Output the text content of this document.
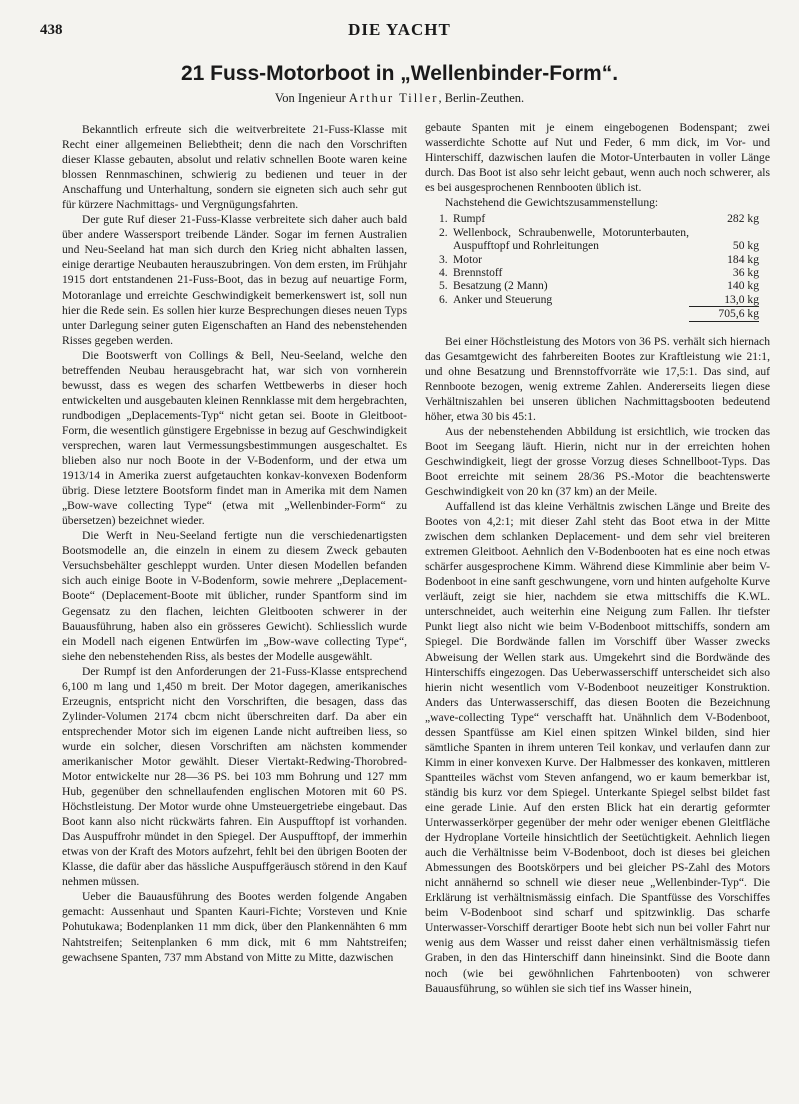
438	DIE YACHT
21 Fuss-Motorboot in „Wellenbinder-Form“.
Von Ingenieur Arthur Tiller, Berlin-Zeuthen.

Bekanntlich erfreute sich die weitverbreitete 21-Fuss-Klasse mit Recht einer allgemeinen Beliebtheit; denn die nach den Vorschriften dieser Klasse gebauten, absolut und relativ schnellen Boote waren keine blossen Rennmaschinen, schwierig zu bedienen und teuer in der Anschaffung und Unterhaltung, sondern sie eigneten sich auch sehr gut für kürzere Nachmittags- und Vergnügungsfahrten.

Der gute Ruf dieser 21-Fuss-Klasse verbreitete sich daher auch bald über andere Wassersport treibende Länder. Sogar im fernen Australien und Neu-Seeland hat man sich durch den Krieg nicht abhalten lassen, einige derartige Neubauten herauszubringen. Von dem ersten, im Frühjahr 1915 dort entstandenen 21-Fuss-Boot, das in bezug auf neuartige Form, Motoranlage und erreichte Geschwindigkeit bemerkenswert ist, soll nun hier die Rede sein. Es sollen hier kurze Besprechungen dieses neuen Typs unter Darlegung seiner guten Eigenschaften an Hand des nebenstehenden Risses gegeben werden.

Die Bootswerft von Collings & Bell, Neu-Seeland, welche den betreffenden Neubau herausgebracht hat, war sich von vornherein bewusst, dass es wegen des scharfen Wettbewerbs in dieser hoch entwickelten und ausgebauten kleinen Rennklasse mit dem hergebrachten, rundbodigen „Deplacements-Typ“ nicht getan sei. Boote in Gleitboot-Form, die wesentlich günstigere Ergebnisse in bezug auf Geschwindigkeit versprechen, waren laut Vermessungsbestimmungen ausgeschaltet. Es blieben also nur noch Boote in der V-Bodenform, und der etwa um 1913/14 in Amerika zuerst aufgetauchten konkav-konvexen Bodenform übrig. Diese letztere Bootsform findet man in Amerika mit dem Namen „Bow-wave collecting Type“ (etwa mit „Wellenbinder-Form“ zu übersetzen) bezeichnet wieder.

Die Werft in Neu-Seeland fertigte nun die verschiedenartigsten Bootsmodelle an, die einzeln in einem zu diesem Zweck gebauten Versuchsbehälter geschleppt wurden. Unter diesen Modellen befanden sich auch einige Boote in V-Bodenform, sowie mehrere „Deplacement-Boote“ (Deplacement-Boote mit üblicher, runder Spantform sind im Gegensatz zu den flachen, leichten Gleitbooten schwerer in der Bauausführung, haben also ein grösseres Gewicht). Schliesslich wurde ein Modell nach eigenen Entwürfen im „Bow-wave collecting Type“, siehe den nebenstehenden Riss, als bestes der Modelle ausgewählt.

Der Rumpf ist den Anforderungen der 21-Fuss-Klasse entsprechend 6,100 m lang und 1,450 m breit. Der Motor dagegen, amerikanisches Erzeugnis, entspricht nicht den Vorschriften, die besagen, dass das Zylinder-Volumen 2174 cbcm nicht überschreiten darf. Da aber ein entsprechender Motor sich im eigenen Lande nicht auftreiben liess, so wurde ein solcher, diesen Vorschriften am nächsten kommender amerikanischer Motor gewählt. Dieser Viertakt-Redwing-Thorobred-Motor entwickelte nur 28—36 PS. bei 103 mm Bohrung und 127 mm Hub, gegenüber den schnellaufenden englischen Motoren mit 60 PS. Höchstleistung. Der Motor wurde ohne Umsteuergetriebe eingebaut. Das Boot kann also nicht rückwärts fahren. Ein Auspufftopf ist vorhanden. Das Auspuffrohr mündet in den Spiegel. Der Auspufftopf, der immerhin etwas von der Kraft des Motors aufzehrt, fehlt bei den übrigen Booten der Klasse, die dafür aber das hässliche Auspuffgeräusch störend in den Kauf nehmen müssen.

Ueber die Bauausführung des Bootes werden folgende Angaben gemacht: Aussenhaut und Spanten Kauri-Fichte; Vorsteven und Knie Pohutukawa; Bodenplanken 11 mm dick, über den Plankennähten 6 mm Nahtstreifen; Seitenplanken 6 mm dick, mit 6 mm Nahtstreifen; gewachsene Spanten, 737 mm Abstand von Mitte zu Mitte, dazwischen

gebaute Spanten mit je einem eingebogenen Bodenspant; zwei wasserdichte Schotte auf Nut und Feder, 6 mm dick, im Vor- und Hinterschiff, dazwischen laufen die Motor-Unterbauten in voller Länge durch. Das Boot ist also sehr leicht gebaut, wenn auch noch schwerer, als es bei ausgesprochenen Rennbooten üblich ist.

Nachstehend die Gewichtszusammenstellung:

1.	Rumpf	282 kg
2.	Wellenbock, Schraubenwelle, Motorunterbauten, Auspufftopf und Rohrleitungen	50 kg
3.	Motor	184 kg
4.	Brennstoff	36 kg
5.	Besatzung (2 Mann)	140 kg
6.	Anker und Steuerung	13,0 kg
		705,6 kg

Bei einer Höchstleistung des Motors von 36 PS. verhält sich hiernach das Gesamtgewicht des fahrbereiten Bootes zur Kraftleistung wie 21:1, und ohne Besatzung und Brennstoffvorräte wie 17,5:1. Das sind, auf Rennboote bezogen, wenig extreme Zahlen. Andererseits liegen diese Verhältniszahlen bei unseren üblichen Nachmittagsbooten bedeutend höher, etwa 30 bis 45:1.

Aus der nebenstehenden Abbildung ist ersichtlich, wie trocken das Boot im Seegang läuft. Hierin, nicht nur in der erreichten hohen Geschwindigkeit, liegt der grosse Vorzug dieses Schnellboot-Typs. Das Boot erreichte mit seinem 28/36 PS.-Motor die beachtenswerte Geschwindigkeit von 20 kn (37 km) an der Meile.

Auffallend ist das kleine Verhältnis zwischen Länge und Breite des Bootes von 4,2:1; mit dieser Zahl steht das Boot etwa in der Mitte zwischen dem schlanken Deplacement- und dem sehr viel breiteren extremen Gleitboot. Aehnlich den V-Bodenbooten hat es eine noch etwas schärfer ausgesprochene Kimm. Während diese Kimmlinie aber beim V-Bodenboot in eine sanft geschwungene, vorn und hinten aufgeholte Kurve verläuft, zeigt sie hier, nachdem sie etwa mittschiffs die K.WL. unterschneidet, auch weiterhin eine Neigung zum Fallen. Ihr tiefster Punkt liegt also nicht wie beim V-Bodenboot mittschiffs, sondern am Spiegel. Die Bordwände fallen im Vorschiff über Wasser zwecks Abweisung der Wellen stark aus. Umgekehrt sind die Bordwände des Hinterschiffs eingezogen. Das Ueberwasserschiff unterscheidet sich also hierin nicht wesentlich vom V-Bodenboot neuzeitiger Konstruktion. Anders das Unterwasserschiff, das diesen Booten die Bezeichnung „wave-collecting Type“ verschafft hat. Unähnlich dem V-Bodenboot, dessen Spantfüsse am Kiel einen spitzen Winkel bilden, sind hier sämtliche Spanten in ihrem unteren Teil konkav, und verlaufen dann zur Kimm in einer konvexen Kurve. Der Halbmesser des konkaven, mittleren Spantteiles wächst vom Steven anfangend, wo er kaum bemerkbar ist, ständig bis kurz vor dem Spiegel. Unterkante Spiegel selbst bildet fast eine gerade Linie. Auf den ersten Blick hat ein derartig geformter Unterwasserkörper gegenüber der mehr oder weniger ebenen Gleitfläche der Hydroplane Vorteile hinsichtlich der Seetüchtigkeit. Aehnlich liegen auch die Verhältnisse beim V-Bodenboot, doch ist dieses bei gleichen Abmessungen des Bootskörpers und bei gleicher PS-Zahl des Motors nicht annähernd so schnell wie dieser neue „Wellenbinder-Typ“. Die Erklärung ist verhältnismässig einfach. Die Spantfüsse des Vorschiffes beim V-Bodenboot sind scharf und spitzwinklig. Das scharfe Unterwasser-Vorschiff derartiger Boote hebt sich nun bei voller Fahrt nur wenig aus dem Wasser und reisst daher einen verhältnismässig tiefen Graben, in den das Hinterschiff dann hineinsinkt. Sind die Boote dann noch (wie bei gewöhnlichen Fahrtenbooten) von schwerer Bauausführung, so wühlen sie sich tief ins Wasser hinein,
